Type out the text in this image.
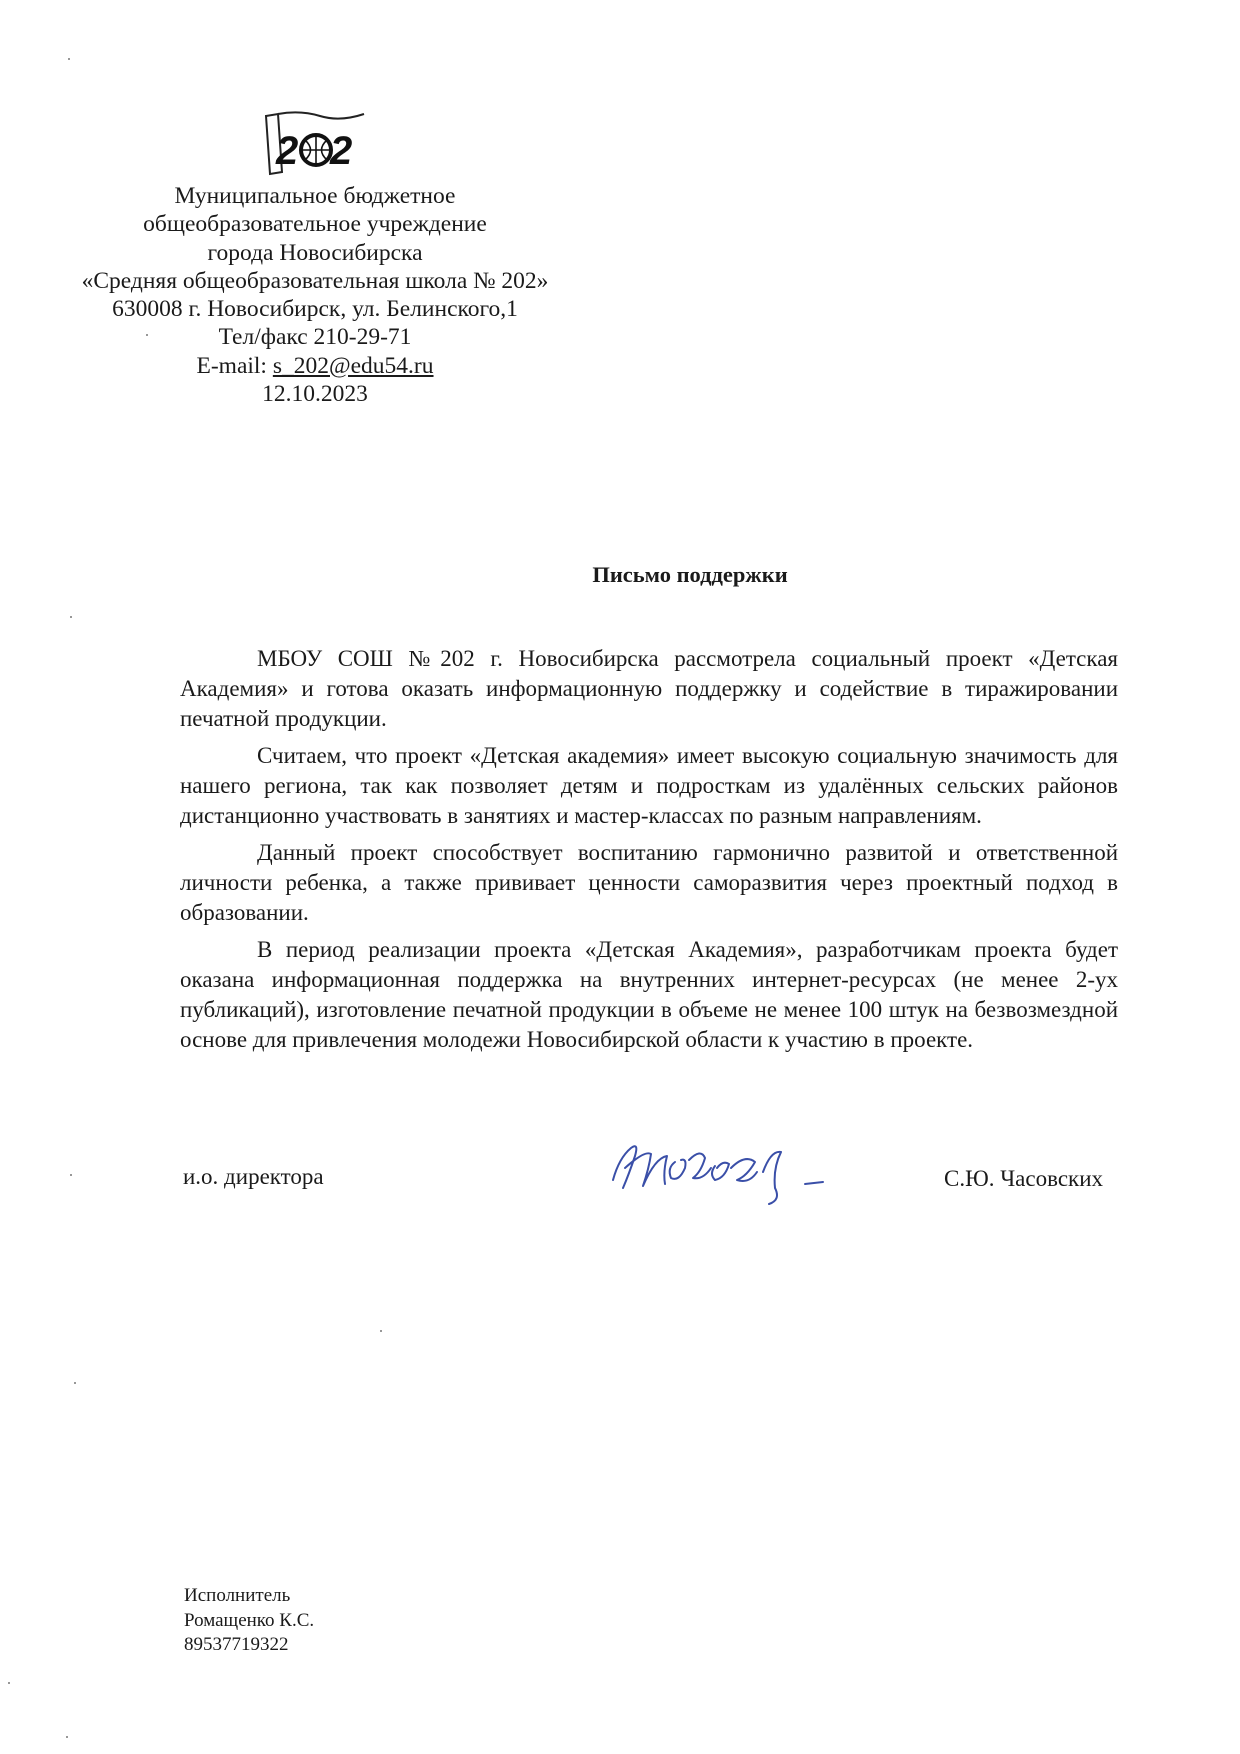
2 2
Муниципальное бюджетное
общеобразовательное учреждение
города Новосибирска
«Средняя общеобразовательная школа № 202»
630008 г. Новосибирск, ул. Белинского,1
Тел/факс 210-29-71
E-mail: s_202@edu54.ru
12.10.2023
Письмо поддержки

МБОУ СОШ №202 г. Новосибирска рассмотрела социальный проект «Детская Академия» и готова оказать информационную поддержку и содействие в тиражировании печатной продукции.

Считаем, что проект «Детская академия» имеет высокую социальную значимость для нашего региона, так как позволяет детям и подросткам из удалённых сельских районов дистанционно участвовать в занятиях и мастер-классах по разным направлениям.

Данный проект способствует воспитанию гармонично развитой и ответственной личности ребенка, а также прививает ценности саморазвития через проектный подход в образовании.

В период реализации проекта «Детская Академия», разработчикам проекта будет оказана информационная поддержка на внутренних интернет-ресурсах (не менее 2-ух публикаций), изготовление печатной продукции в объеме не менее 100 штук на безвозмездной основе для привлечения молодежи Новосибирской области к участию в проекте.

и.о. директора	С.Ю. Часовских
Исполнитель
Ромащенко К.С.
89537719322
